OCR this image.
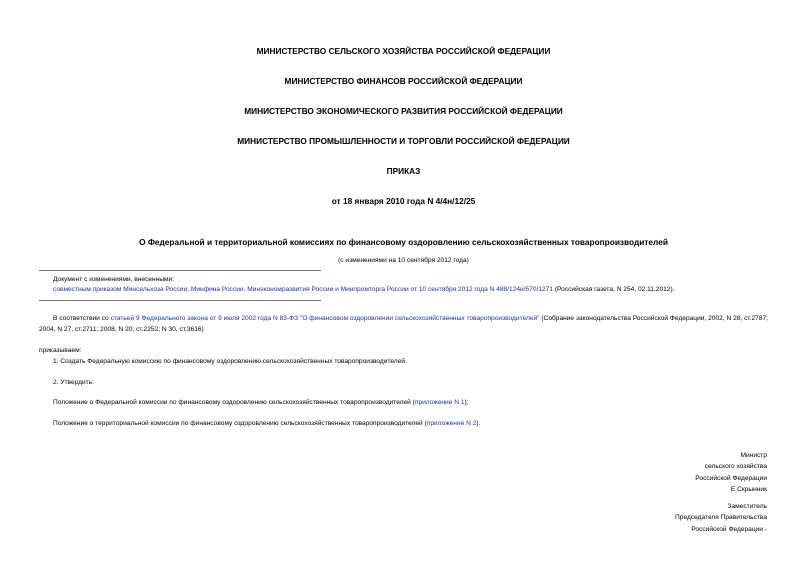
МИНИСТЕРСТВО СЕЛЬСКОГО ХОЗЯЙСТВА РОССИЙСКОЙ ФЕДЕРАЦИИ
МИНИСТЕРСТВО ФИНАНСОВ РОССИЙСКОЙ ФЕДЕРАЦИИ
МИНИСТЕРСТВО ЭКОНОМИЧЕСКОГО РАЗВИТИЯ РОССИЙСКОЙ ФЕДЕРАЦИИ
МИНИСТЕРСТВО ПРОМЫШЛЕННОСТИ И ТОРГОВЛИ РОССИЙСКОЙ ФЕДЕРАЦИИ
ПРИКАЗ
от 18 января 2010 года N 4/4н/12/25
О Федеральной и территориальной комиссиях по финансовому оздоровлению сельскохозяйственных товаропроизводителей
(с изменениями на 10 сентября 2012 года)
Документ с изменениями, внесенными:
совместным приказом Минсельхоза России, Минфина России, Минэкономразвития России и Минпромторга России от 10 сентября 2012 года N 488/124н/570/1271 (Российская газета, N 254, 02.11.2012).
В соответствии со статьей 9 Федерального закона от 9 июля 2002 года N 83-ФЗ "О финансовом оздоровлении сельскохозяйственных товаропроизводителей" (Собрание законодательства Российской Федерации, 2002, N 28, ст.2787; 2004, N 27, ст.2711; 2008, N 20, ст.2252; N 30, ст.3616)
приказываем:
1. Создать Федеральную комиссию по финансовому оздоровлению сельскохозяйственных товаропроизводителей.
2. Утвердить:
Положение о Федеральной комиссии по финансовому оздоровлению сельскохозяйственных товаропроизводителей (приложение N 1);
Положение о территориальной комиссии по финансовому оздоровлению сельскохозяйственных товаропроизводителей (приложение N 2).
Министр
сельского хозяйства
Российской Федерации
Е.Скрынник
Заместитель
Председателя Правительства
Российской Федерации -
